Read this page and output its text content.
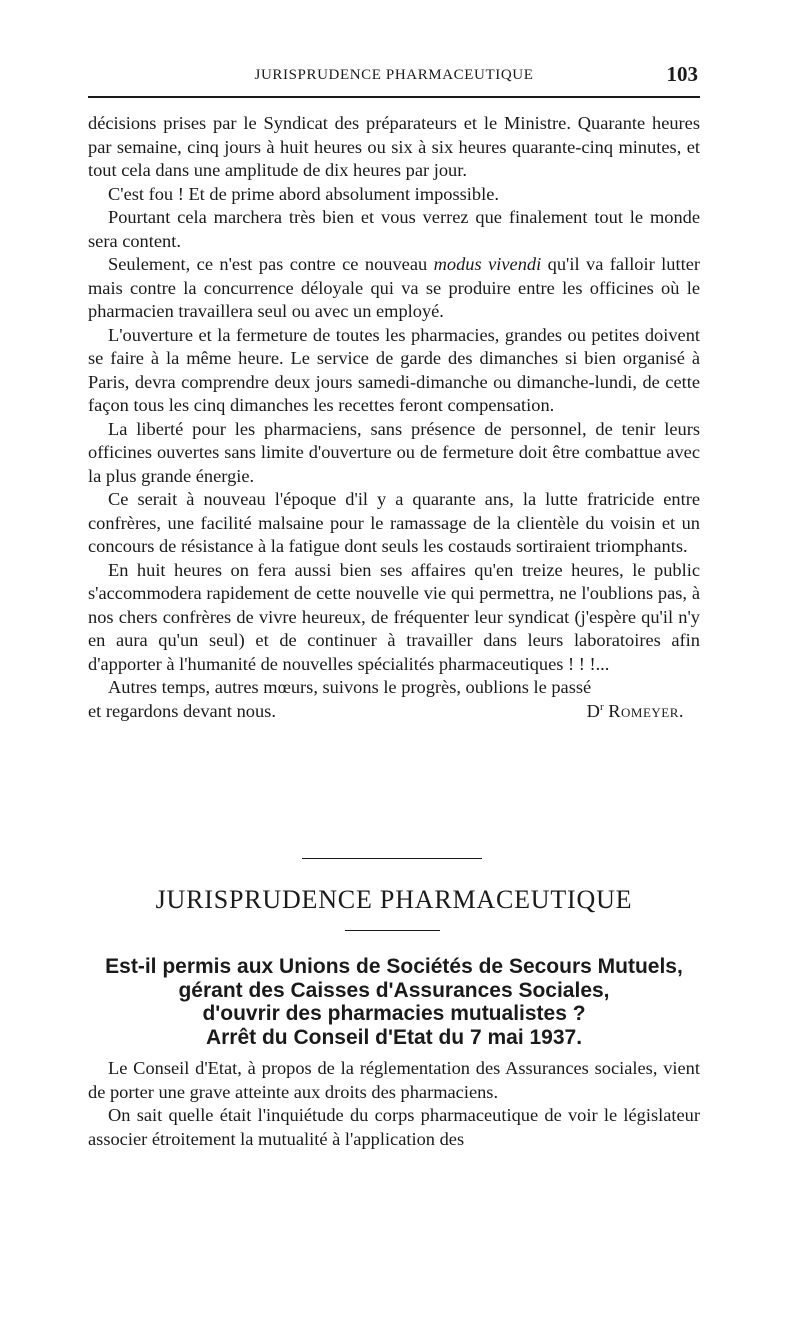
JURISPRUDENCE PHARMACEUTIQUE	103

décisions prises par le Syndicat des préparateurs et le Ministre. Quarante heures par semaine, cinq jours à huit heures ou six à six heures quarante-cinq minutes, et tout cela dans une amplitude de dix heures par jour.

C'est fou ! Et de prime abord absolument impossible.

Pourtant cela marchera très bien et vous verrez que finalement tout le monde sera content.

Seulement, ce n'est pas contre ce nouveau modus vivendi qu'il va falloir lutter mais contre la concurrence déloyale qui va se produire entre les officines où le pharmacien travaillera seul ou avec un employé.

L'ouverture et la fermeture de toutes les pharmacies, grandes ou petites doivent se faire à la même heure. Le service de garde des dimanches si bien organisé à Paris, devra comprendre deux jours samedi-dimanche ou dimanche-lundi, de cette façon tous les cinq dimanches les recettes feront compensation.

La liberté pour les pharmaciens, sans présence de personnel, de tenir leurs officines ouvertes sans limite d'ouverture ou de fermeture doit être combattue avec la plus grande énergie.

Ce serait à nouveau l'époque d'il y a quarante ans, la lutte fratricide entre confrères, une facilité malsaine pour le ramassage de la clientèle du voisin et un concours de résistance à la fatigue dont seuls les costauds sortiraient triomphants.

En huit heures on fera aussi bien ses affaires qu'en treize heures, le public s'accommodera rapidement de cette nouvelle vie qui permettra, ne l'oublions pas, à nos chers confrères de vivre heureux, de fréquenter leur syndicat (j'espère qu'il n'y en aura qu'un seul) et de continuer à travailler dans leurs laboratoires afin d'apporter à l'humanité de nouvelles spécialités pharmaceutiques ! ! !...

Autres temps, autres mœurs, suivons le progrès, oublions le passé

et regardons devant nous.	$D^r$ Romeyer.
JURISPRUDENCE PHARMACEUTIQUE
Est-il permis aux Unions de Sociétés de Secours Mutuels,
gérant des Caisses d'Assurances Sociales,
d'ouvrir des pharmacies mutualistes ?
Arrêt du Conseil d'Etat du 7 mai 1937.

Le Conseil d'Etat, à propos de la réglementation des Assurances sociales, vient de porter une grave atteinte aux droits des pharmaciens.

On sait quelle était l'inquiétude du corps pharmaceutique de voir le législateur associer étroitement la mutualité à l'application des
